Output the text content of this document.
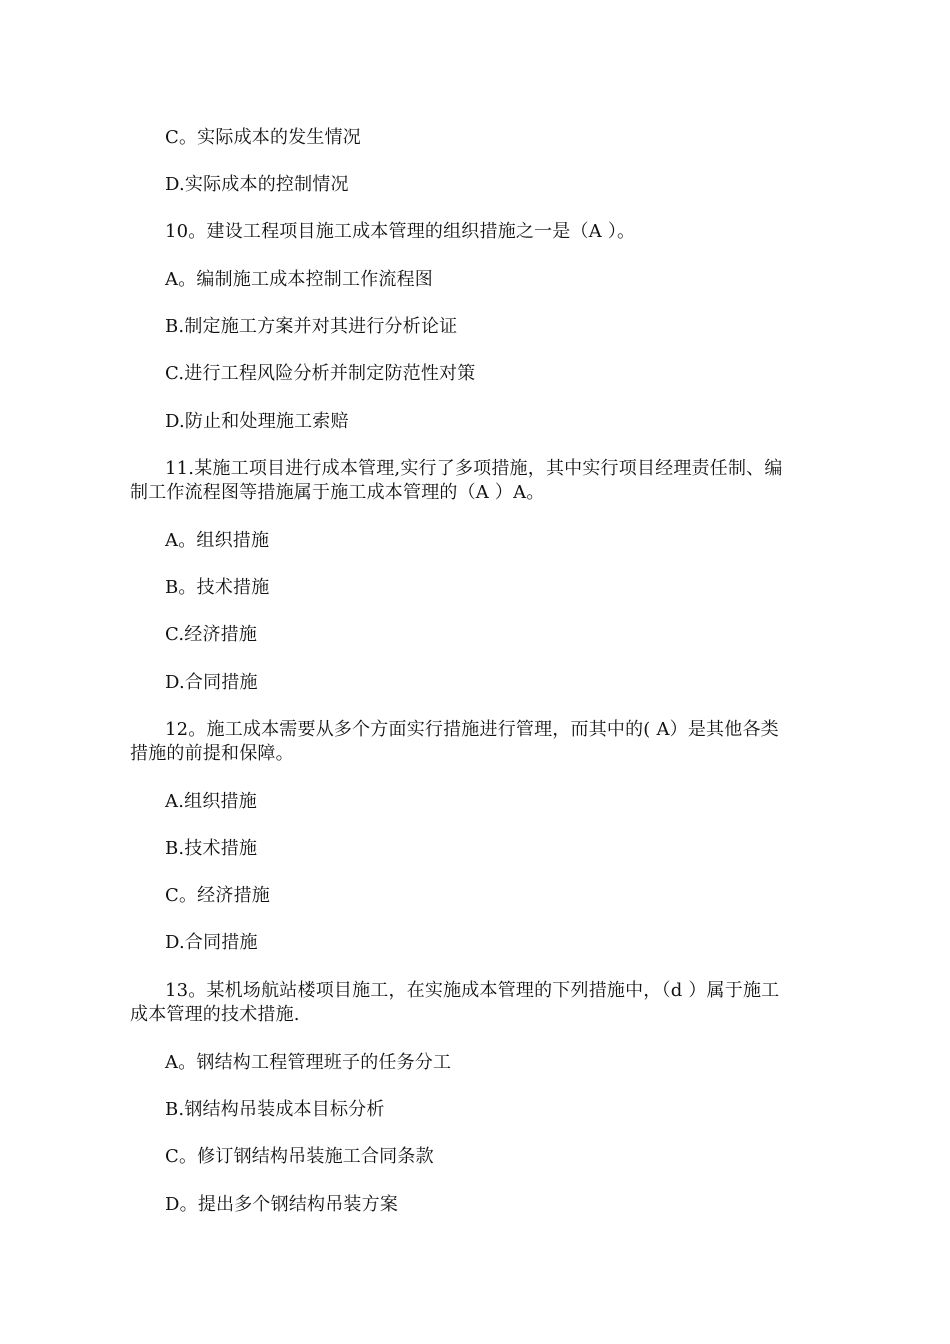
C。实际成本的发生情况
D.实际成本的控制情况
10。建设工程项目施工成本管理的组织措施之一是（A ）。
A。编制施工成本控制工作流程图
B.制定施工方案并对其进行分析论证
C.进行工程风险分析并制定防范性对策
D.防止和处理施工索赔
11.某施工项目进行成本管理,实行了多项措施，其中实行项目经理责任制、编
制工作流程图等措施属于施工成本管理的（A ）A。
A。组织措施
B。技术措施
C.经济措施
D.合同措施
12。施工成本需要从多个方面实行措施进行管理，而其中的( A）是其他各类
措施的前提和保障。
A.组织措施
B.技术措施
C。经济措施
D.合同措施
13。某机场航站楼项目施工，在实施成本管理的下列措施中，（d ）属于施工
成本管理的技术措施.
A。钢结构工程管理班子的任务分工
B.钢结构吊装成本目标分析
C。修订钢结构吊装施工合同条款
D。提出多个钢结构吊装方案
